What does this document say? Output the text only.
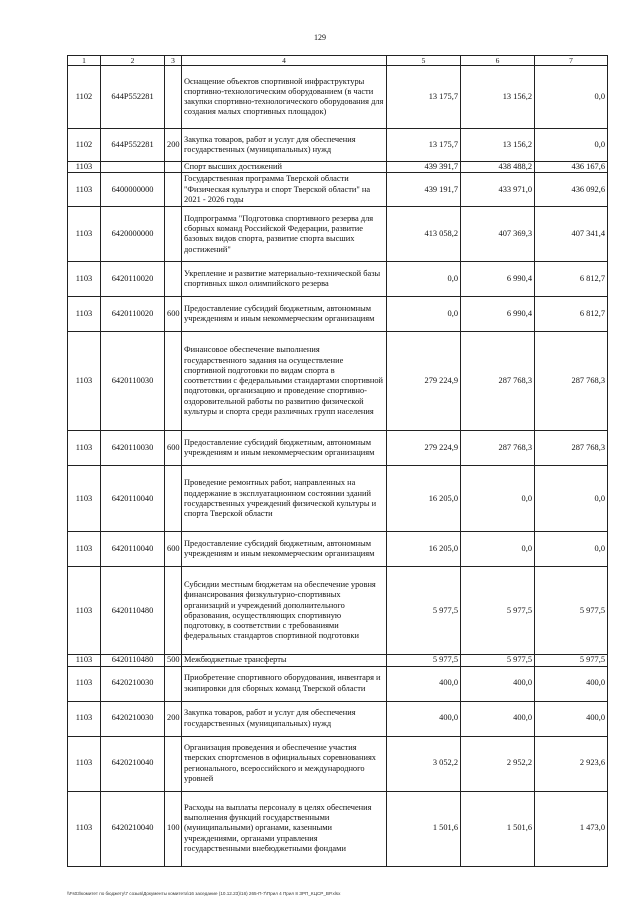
129
1	2	3	4	5	6	7
1102	644P552281		Оснащение объектов спортивной инфраструктуры спортивно-технологическим оборудованием (в части закупки спортивно-технологического оборудования для создания малых спортивных площадок)	13 175,7	13 156,2	0,0
1102	644P552281	200	Закупка товаров, работ и услуг для обеспечения государственных (муниципальных) нужд	13 175,7	13 156,2	0,0
1103			Спорт высших достижений	439 391,7	438 488,2	436 167,6
1103	6400000000		Государственная программа Тверской области "Физическая культура и спорт Тверской области" на 2021 - 2026 годы	439 191,7	433 971,0	436 092,6
1103	6420000000		Подпрограмма "Подготовка спортивного резерва для сборных команд Российской Федерации, развитие базовых видов спорта, развитие спорта высших достижений"	413 058,2	407 369,3	407 341,4
1103	6420110020		Укрепление и развитие материально-технической базы спортивных школ олимпийского резерва	0,0	6 990,4	6 812,7
1103	6420110020	600	Предоставление субсидий бюджетным, автономным учреждениям и иным некоммерческим организациям	0,0	6 990,4	6 812,7
1103	6420110030		Финансовое обеспечение выполнения государственного задания на осуществление спортивной подготовки по видам спорта в соответствии с федеральными стандартами спортивной подготовки, организацию и проведение спортивно-оздоровительной работы по развитию физической культуры и спорта среди различных групп населения	279 224,9	287 768,3	287 768,3
1103	6420110030	600	Предоставление субсидий бюджетным, автономным учреждениям и иным некоммерческим организациям	279 224,9	287 768,3	287 768,3
1103	6420110040		Проведение ремонтных работ, направленных на поддержание в эксплуатационном состоянии зданий государственных учреждений физической культуры и спорта Тверской области	16 205,0	0,0	0,0
1103	6420110040	600	Предоставление субсидий бюджетным, автономным учреждениям и иным некоммерческим организациям	16 205,0	0,0	0,0
1103	6420110480		Субсидии местным бюджетам на обеспечение уровня финансирования физкультурно-спортивных организаций и учреждений дополнительного образования, осуществляющих спортивную подготовку, в соответствии с требованиями федеральных стандартов спортивной подготовки	5 977,5	5 977,5	5 977,5
1103	6420110480	500	Межбюджетные трансферты	5 977,5	5 977,5	5 977,5
1103	6420210030		Приобретение спортивного оборудования, инвентаря и экипировки для сборных команд Тверской области	400,0	400,0	400,0
1103	6420210030	200	Закупка товаров, работ и услуг для обеспечения государственных (муниципальных) нужд	400,0	400,0	400,0
1103	6420210040		Организация проведения и обеспечение участия тверских спортсменов в официальных соревнованиях регионального, всероссийского и международного уровней	3 052,2	2 952,2	2 923,6
1103	6420210040	100	Расходы на выплаты персоналу в целях обеспечения выполнения функций государственными (муниципальными) органами, казенными учреждениями, органами управления государственными внебюджетными фондами	1 501,6	1 501,6	1 473,0
\\Fs03\комитет по бюджету\7 созыв\Документы комитета\16 заседание (10.12.23)\16) 265-П-7\Прил 4 Прил 8 ЗРП_КЦСР_ВР.xlsx
